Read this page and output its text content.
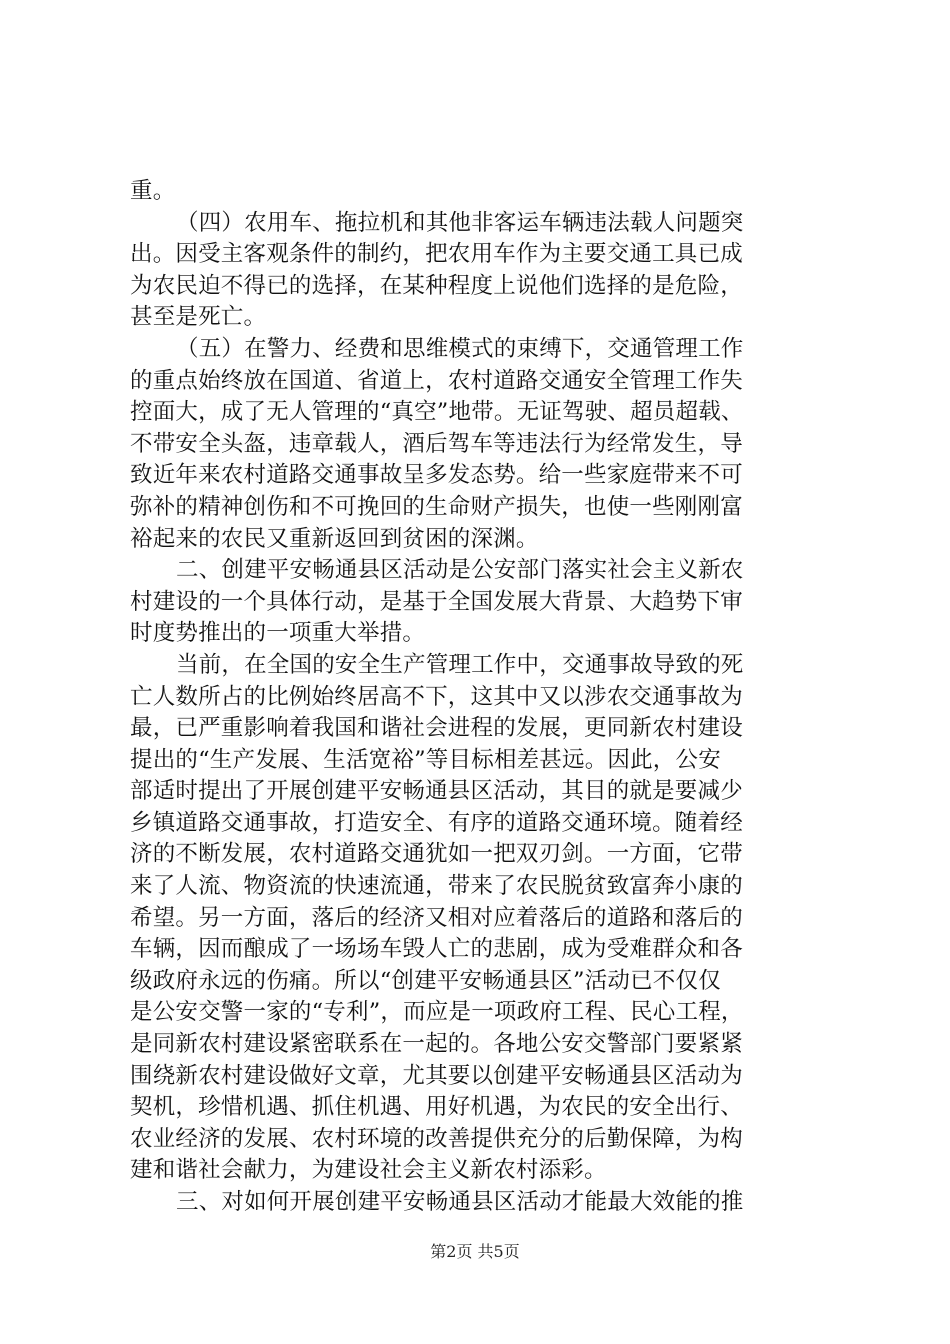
重。
（四）农用车、拖拉机和其他非客运车辆违法载人问题突
出。因受主客观条件的制约，把农用车作为主要交通工具已成
为农民迫不得已的选择，在某种程度上说他们选择的是危险，
甚至是死亡。
（五）在警力、经费和思维模式的束缚下，交通管理工作
的重点始终放在国道、省道上，农村道路交通安全管理工作失
控面大，成了无人管理的“真空”地带。无证驾驶、超员超载、
不带安全头盔，违章载人，酒后驾车等违法行为经常发生，导
致近年来农村道路交通事故呈多发态势。给一些家庭带来不可
弥补的精神创伤和不可挽回的生命财产损失，也使一些刚刚富
裕起来的农民又重新返回到贫困的深渊。
二、创建平安畅通县区活动是公安部门落实社会主义新农
村建设的一个具体行动，是基于全国发展大背景、大趋势下审
时度势推出的一项重大举措。
当前，在全国的安全生产管理工作中，交通事故导致的死
亡人数所占的比例始终居高不下，这其中又以涉农交通事故为
最，已严重影响着我国和谐社会进程的发展，更同新农村建设
提出的“生产发展、生活宽裕”等目标相差甚远。因此，公安
部适时提出了开展创建平安畅通县区活动，其目的就是要减少
乡镇道路交通事故，打造安全、有序的道路交通环境。随着经
济的不断发展，农村道路交通犹如一把双刃剑。一方面，它带
来了人流、物资流的快速流通，带来了农民脱贫致富奔小康的
希望。另一方面，落后的经济又相对应着落后的道路和落后的
车辆，因而酿成了一场场车毁人亡的悲剧，成为受难群众和各
级政府永远的伤痛。所以“创建平安畅通县区”活动已不仅仅
是公安交警一家的“专利”，而应是一项政府工程、民心工程，
是同新农村建设紧密联系在一起的。各地公安交警部门要紧紧
围绕新农村建设做好文章，尤其要以创建平安畅通县区活动为
契机，珍惜机遇、抓住机遇、用好机遇，为农民的安全出行、
农业经济的发展、农村环境的改善提供充分的后勤保障，为构
建和谐社会献力，为建设社会主义新农村添彩。
三、对如何开展创建平安畅通县区活动才能最大效能的推
第2页 共5页
